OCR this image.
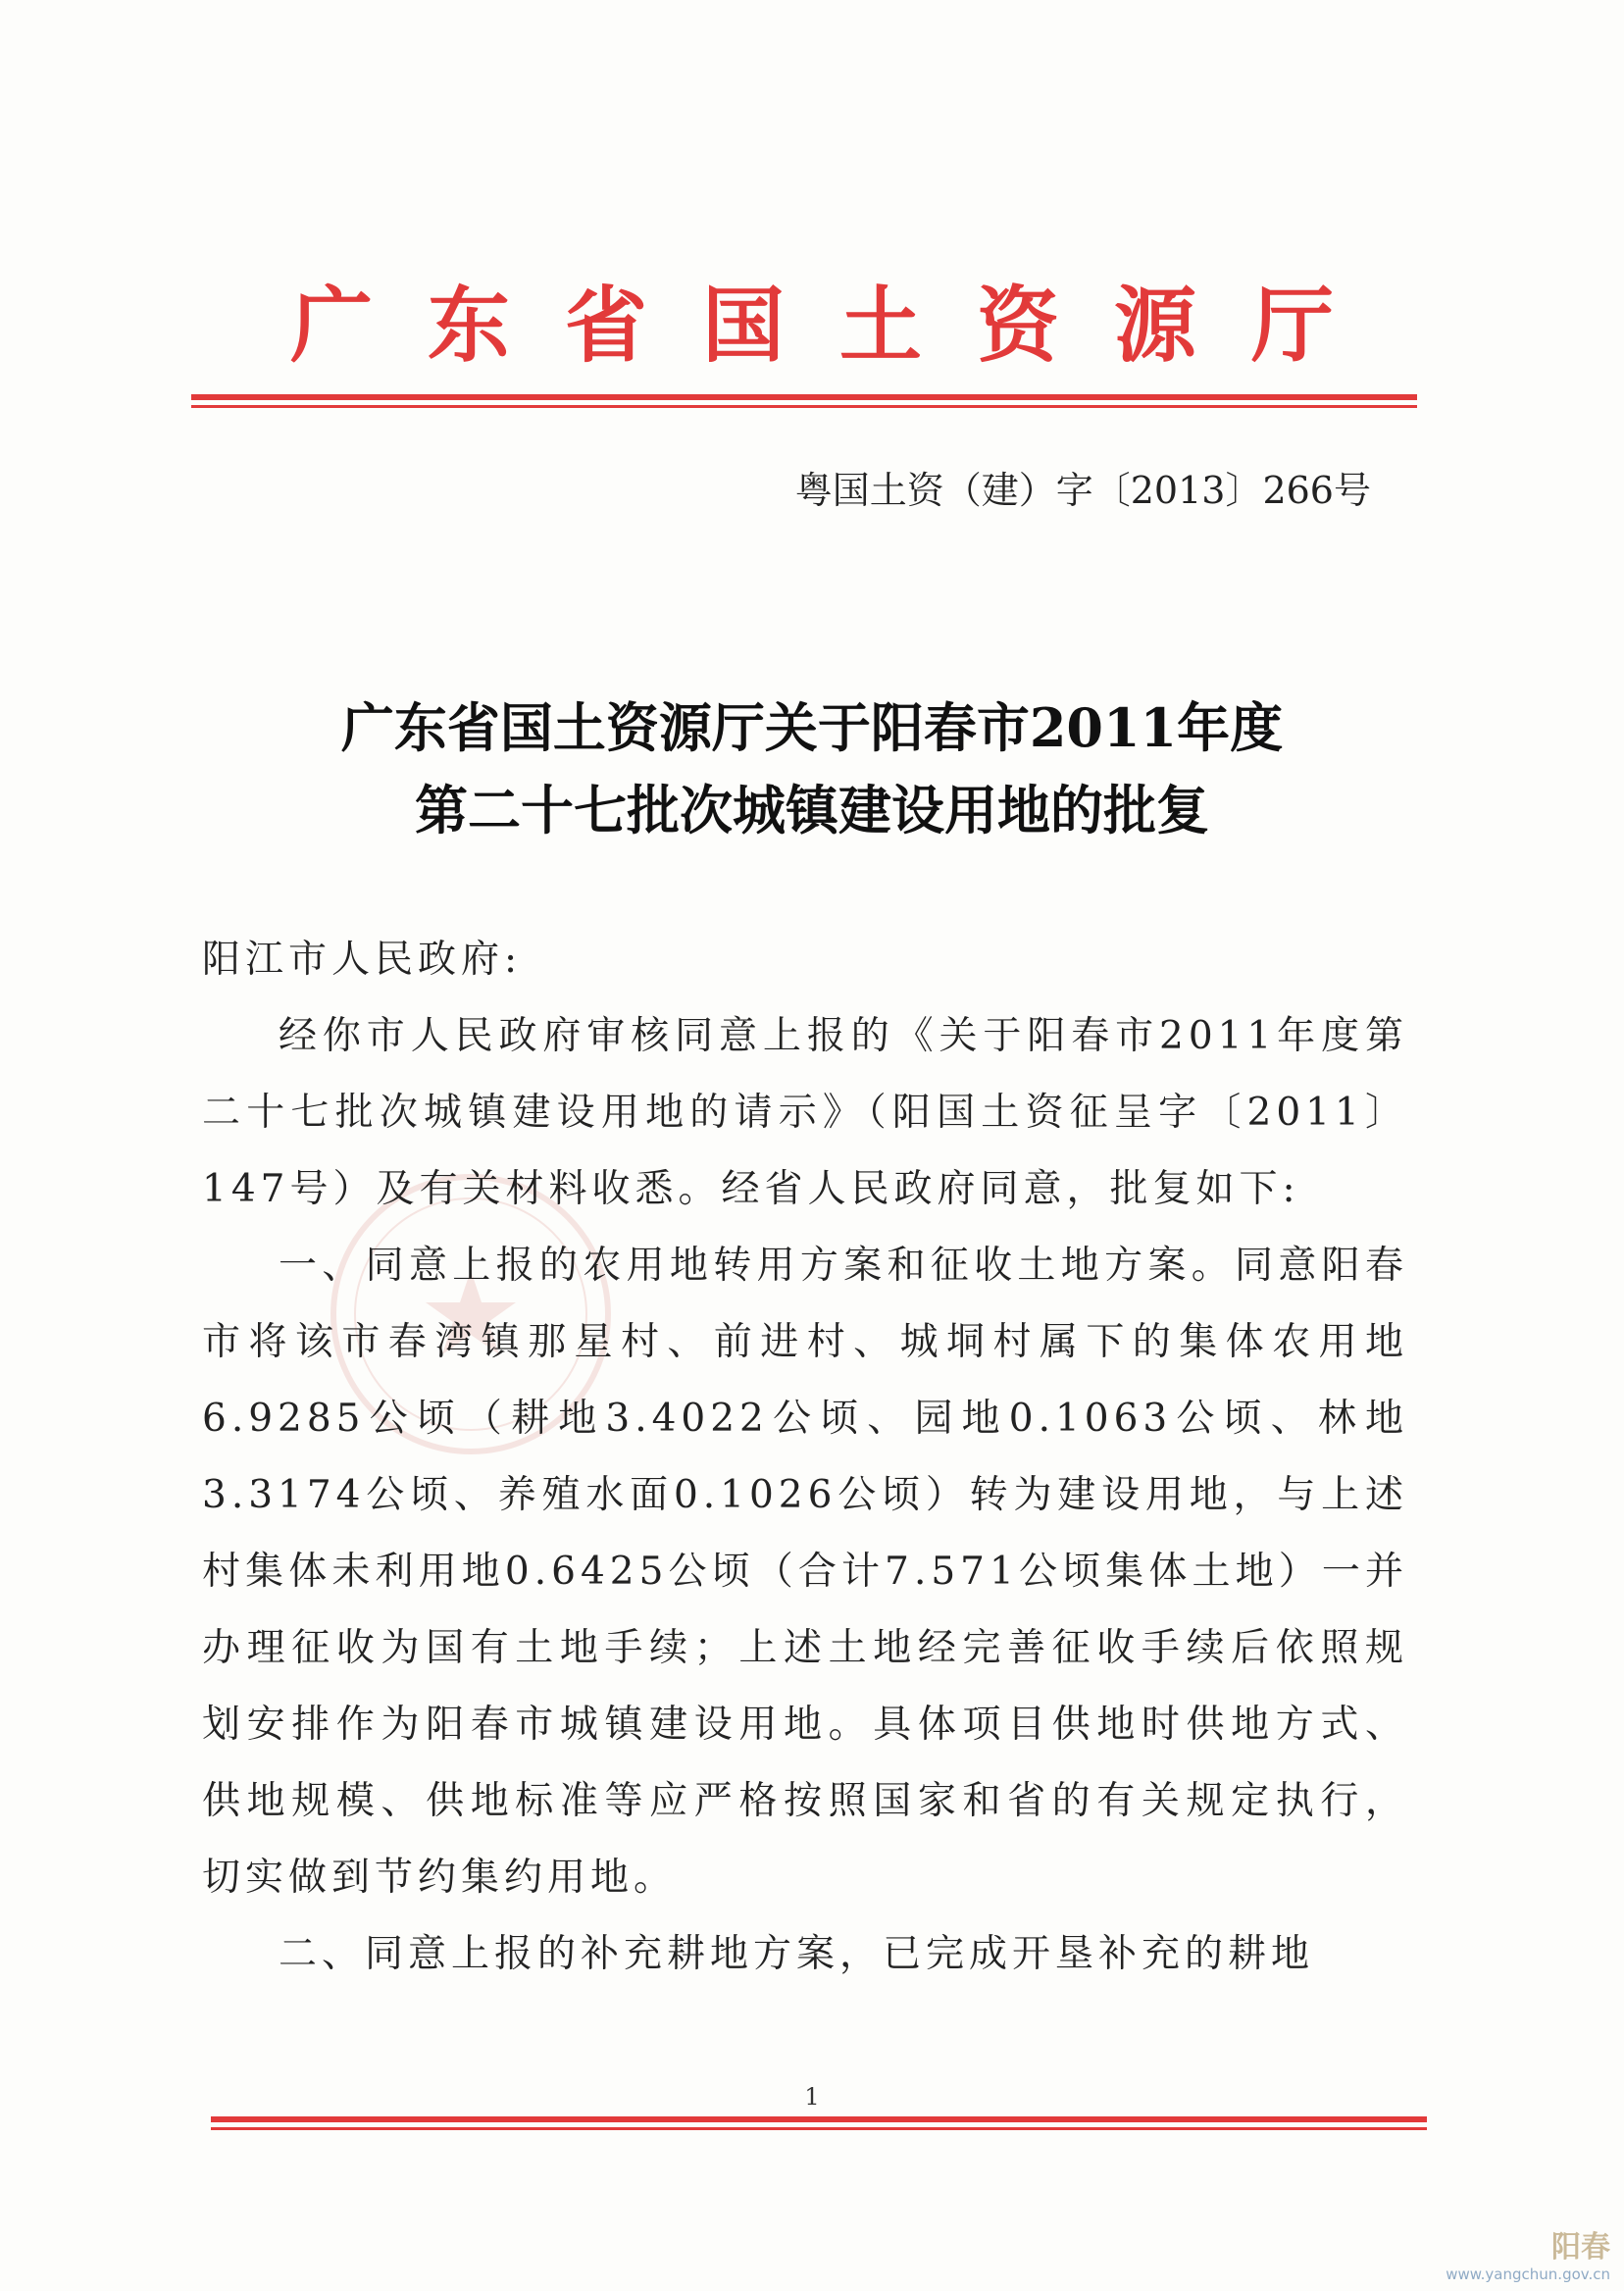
广东省国土资源厅
粤国土资（建）字〔2013〕266号
广东省国土资源厅关于阳春市2011年度
第二十七批次城镇建设用地的批复

阳江市人民政府:

经你市人民政府审核同意上报的《关于阳春市2011年度第二十七批次城镇建设用地的请示》（阳国土资征呈字〔2011〕147号）及有关材料收悉。经省人民政府同意，批复如下:

一、同意上报的农用地转用方案和征收土地方案。同意阳春市将该市春湾镇那星村、前进村、城垌村属下的集体农用地6.9285公顷（耕地3.4022公顷、园地0.1063公顷、林地3.3174公顷、养殖水面0.1026公顷）转为建设用地，与上述村集体未利用地0.6425公顷（合计7.571公顷集体土地）一并办理征收为国有土地手续；上述土地经完善征收手续后依照规划安排作为阳春市城镇建设用地。具体项目供地时供地方式、供地规模、供地标准等应严格按照国家和省的有关规定执行，切实做到节约集约用地。

二、同意上报的补充耕地方案，已完成开垦补充的耕地

1
阳春
www.yangchun.gov.cn
